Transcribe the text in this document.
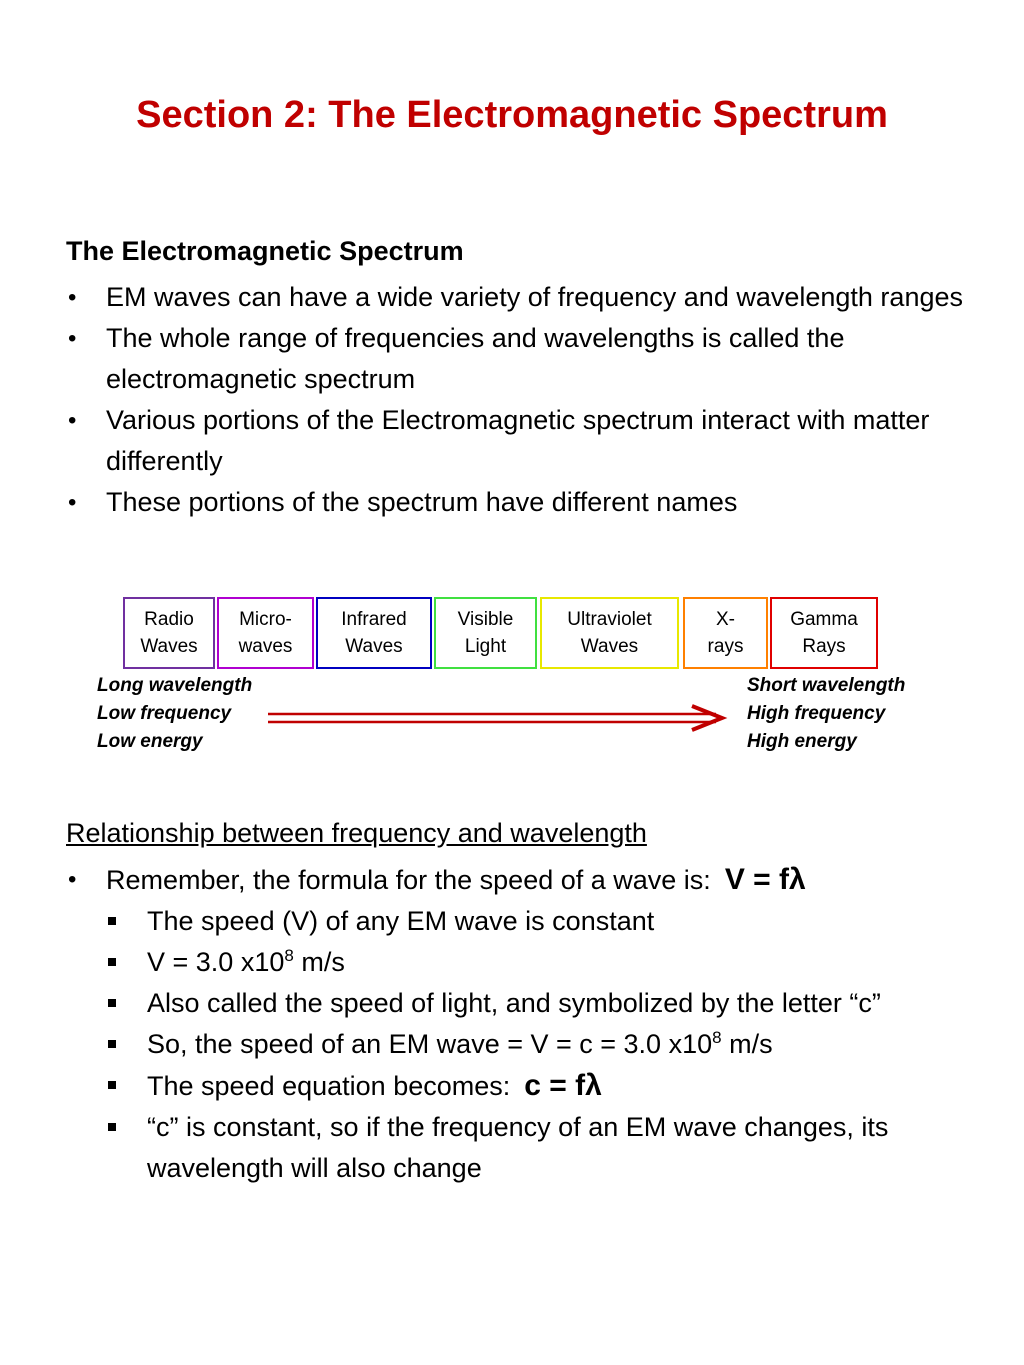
Section 2: The Electromagnetic Spectrum
The Electromagnetic Spectrum
• EM waves can have a wide variety of frequency and wavelength ranges
• The whole range of frequencies and wavelengths is called the electromagnetic spectrum
• Various portions of the Electromagnetic spectrum interact with matter differently
• These portions of the spectrum have different names
Radio
Waves
Micro-
waves
Infrared
Waves
Visible
Light
Ultraviolet
Waves
X-
rays
Gamma
Rays
Long wavelength
Low frequency
Low energy
Short wavelength
High frequency
High energy
Relationship between frequency and wavelength
• Remember, the formula for the speed of a wave is: V = fλ
The speed (V) of any EM wave is constant
V = 3.0 $x10^8$ m/s
Also called the speed of light, and symbolized by the letter “c”
So, the speed of an EM wave = V = c = 3.0 $x10^8$ m/s
The speed equation becomes: c = fλ
“c” is constant, so if the frequency of an EM wave changes, its wavelength will also change
